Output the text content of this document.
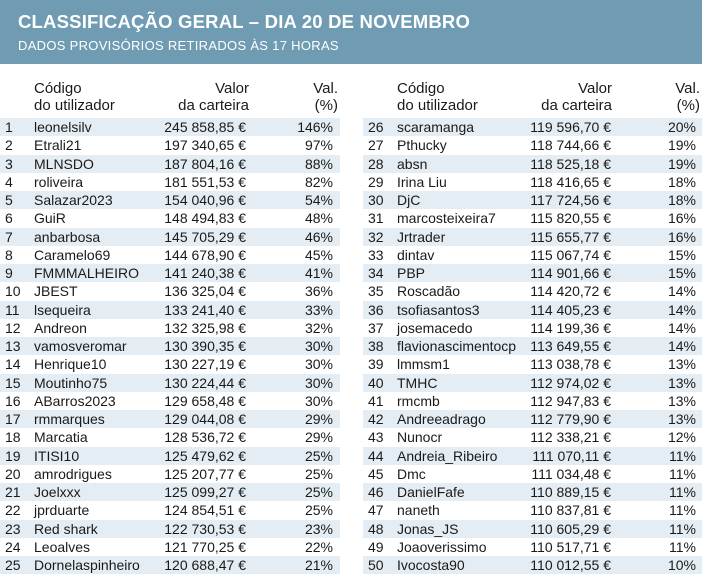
CLASSIFICAÇÃO GERAL – DIA 20 DE NOVEMBRO
DADOS PROVISÓRIOS RETIRADOS ÀS 17 HORAS
Código
do utilizador
Valor
da carteira
Val.
(%)
1 leonelsilv	245 858,85 €	146%
2 Etrali21	197 340,65 €	97%
3 MLNSDO	187 804,16 €	88%
4 roliveira	181 551,53 €	82%
5 Salazar2023	154 040,96 €	54%
6 GuiR	148 494,83 €	48%
7 anbarbosa	145 705,29 €	46%
8 Caramelo69	144 678,90 €	45%
9 FMMMALHEIRO 141 240,38 €	41%
10 JBEST	136 325,04 €	36%
11 lsequeira	133 241,40 €	33%
12 Andreon	132 325,98 €	32%
13 vamosveromar	130 390,35 €	30%
14 Henrique10	130 227,19 €	30%
15 Moutinho75	130 224,44 €	30%
16 ABarros2023	129 658,48 €	30%
17 rmmarques	129 044,08 €	29%
18 Marcatia	128 536,72 €	29%
19 ITISI10	125 479,62 €	25%
20 amrodrigues	125 207,77 €	25%
21 Joelxxx	125 099,27 €	25%
22 jprduarte	124 854,51 €	25%
23 Red shark	122 730,53 €	23%
24 Leoalves	121 770,25 €	22%
25 Dornelaspinheiro 120 688,47 €	21%
Código
do utilizador
Valor
da carteira
Val.
(%)
26 scaramanga	119 596,70 €	20%
27 Pthucky	118 744,66 €	19%
28 absn	118 525,18 €	19%
29 Irina Liu	118 416,65 €	18%
30 DjC	117 724,56 €	18%
31 marcosteixeira7 115 820,55 €	16%
32 Jrtrader	115 655,77 €	16%
33 dintav	115 067,74 €	15%
34 PBP	114 901,66 €	15%
35 Roscadão	114 420,72 €	14%
36 tsofiasantos3	114 405,23 €	14%
37 josemacedo	114 199,36 €	14%
38 flavionascimentocp 113 649,55 €	14%
39 lmmsm1	113 038,78 €	13%
40 TMHC	112 974,02 €	13%
41 rmcmb	112 947,83 €	13%
42 Andreeadrago	112 779,90 €	13%
43 Nunocr	112 338,21 €	12%
44 Andreia_Ribeiro 111 070,11 €	11%
45 Dmc	111 034,48 €	11%
46 DanielFafe	110 889,15 €	11%
47 naneth	110 837,81 €	11%
48 Jonas_JS	110 605,29 €	11%
49 Joaoverissimo	110 517,71 €	11%
50 Ivocosta90	110 012,55 €	10%
